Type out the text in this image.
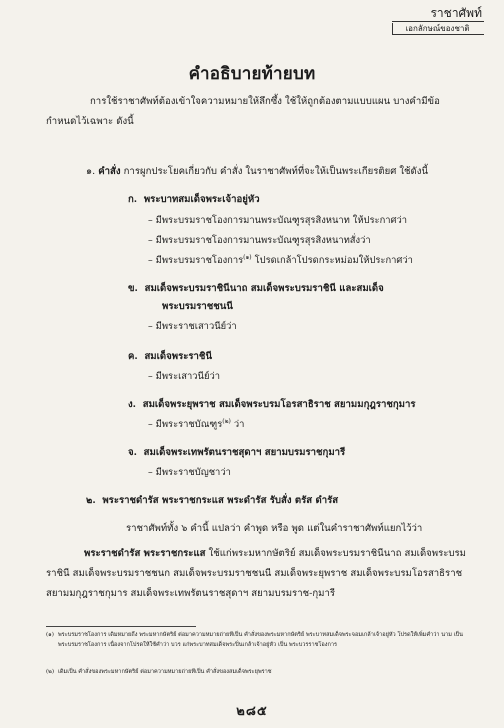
ราชาศัพท์
เอกลักษณ์ของชาติ
คำอธิบายท้ายบท
การใช้ราชาศัพท์ต้องเข้าใจความหมายให้ลึกซึ้ง ใช้ให้ถูกต้องตามแบบแผน บางคำมีข้อกำหนดไว้เฉพาะ ดังนี้
๑. คำสั่ง การผูกประโยคเกี่ยวกับ คำสั่ง ในราชาศัพท์ที่จะให้เป็นพระเกียรติยศ ใช้ดังนี้
ก. พระบาทสมเด็จพระเจ้าอยู่หัว
– มีพระบรมราชโองการมานพระบัณฑูรสุรสิงหนาท ให้ประกาศว่า
– มีพระบรมราชโองการมานพระบัณฑูรสุรสิงหนาทสั่งว่า
– มีพระบรมราชโองการ$^{(๑)}$ โปรดเกล้าโปรดกระหม่อมให้ประกาศว่า
ข. สมเด็จพระบรมราชินีนาถ สมเด็จพระบรมราชินี และสมเด็จ
พระบรมราชชนนี
– มีพระราชเสาวนีย์ว่า
ค. สมเด็จพระราชินี
– มีพระเสาวนีย์ว่า
ง. สมเด็จพระยุพราช สมเด็จพระบรมโอรสาธิราช สยามมกุฎราชกุมาร
– มีพระราชบัณฑูร$^{(๒)}$ ว่า
จ. สมเด็จพระเทพรัตนราชสุดาฯ สยามบรมราชกุมารี
– มีพระราชบัญชาว่า
๒. พระราชดำรัส พระราชกระแส พระดำรัส รับสั่ง ตรัส ดำรัส
ราชาศัพท์ทั้ง ๖ คำนี้ แปลว่า คำพูด หรือ พูด แต่ในคำราชาศัพท์แยกไว้ว่า
พระราชดำรัส พระราชกระแส ใช้แก่พระมหากษัตริย์ สมเด็จพระบรมราชินีนาถ สมเด็จพระบรมราชินี สมเด็จพระบรมราชชนก สมเด็จพระบรมราชชนนี สมเด็จพระยุพราช สมเด็จพระบรมโอรสาธิราช สยามมกุฎราชกุมาร สมเด็จพระเทพรัตนราชสุดาฯ สยามบรมราช-กุมารี
(๑) พระบรมราชโองการ เดิมหมายถึง พระมหากษัตริย์ ต่อมาความหมายถ่ายทีเป็น คำสั่งของพระมหากษัตริย์ พระบาทสมเด็จพระจอมเกล้าเจ้าอยู่หัว โปรดให้เพิ่มคำว่า นาม เป็น พระบรมราชโองการ เนื่องจากโปรดให้ใช้คำว่า บวร แก่พระบาทสมเด็จพระปิ่นเกล้าเจ้าอยู่หัว เป็น พระบวรราชโองการ
(๒) เดิมเป็น คำสั่งของพระมหากษัตริย์ ต่อมาความหมายถ่ายทีเป็น คำสั่งของสมเด็จพระยุพราช
๒๘๕
